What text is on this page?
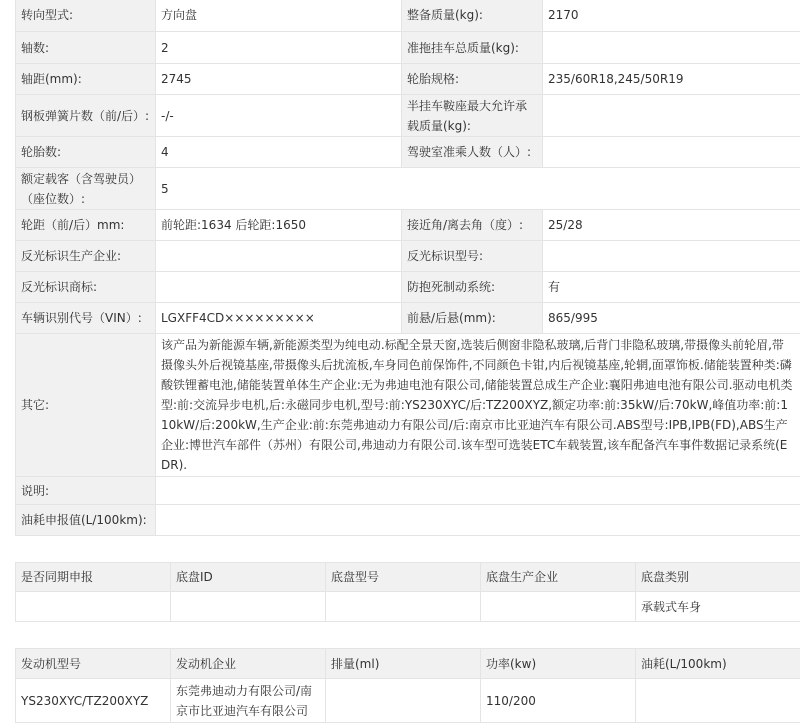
转向型式:	方向盘	整备质量(kg):	2170
轴数:	2	准拖挂车总质量(kg):	
轴距(mm):	2745	轮胎规格:	235/60R18,245/50R19
钢板弹簧片数（前/后）:	-/-	半挂车鞍座最大允许承载质量(kg):	
轮胎数:	4	驾驶室准乘人数（人）:	
额定载客（含驾驶员）（座位数）:	5		
轮距（前/后）mm:	前轮距:1634 后轮距:1650	接近角/离去角（度）:	25/28
反光标识生产企业:		反光标识型号:	
反光标识商标:		防抱死制动系统:	有
车辆识别代号（VIN）:	LGXFF4CD×××××××××	前悬/后悬(mm):	865/995
其它:	该产品为新能源车辆,新能源类型为纯电动.标配全景天窗,选装后侧窗非隐私玻璃,后背门非隐私玻璃,带摄像头前轮眉,带摄像头外后视镜基座,带摄像头后扰流板,车身同色前保饰件,不同颜色卡钳,内后视镜基座,轮辋,面罩饰板.储能装置种类:磷酸铁锂蓄电池,储能装置单体生产企业:无为弗迪电池有限公司,储能装置总成生产企业:襄阳弗迪电池有限公司.驱动电机类型:前:交流异步电机,后:永磁同步电机,型号:前:YS230XYC/后:TZ200XYZ,额定功率:前:35kW/后:70kW,峰值功率:前:110kW/后:200kW,生产企业:前:东莞弗迪动力有限公司/后:南京市比亚迪汽车有限公司.ABS型号:IPB,IPB(FD),ABS生产企业:博世汽车部件（苏州）有限公司,弗迪动力有限公司.该车型可选装ETC车载装置,该车配备汽车事件数据记录系统(EDR).		
说明:			
油耗申报值(L/100km):			
是否同期申报	底盘ID	底盘型号	底盘生产企业	底盘类别
				承载式车身
发动机型号	发动机企业	排量(ml)	功率(kw)	油耗(L/100km)
YS230XYC/TZ200XYZ	东莞弗迪动力有限公司/南京市比亚迪汽车有限公司		110/200	
